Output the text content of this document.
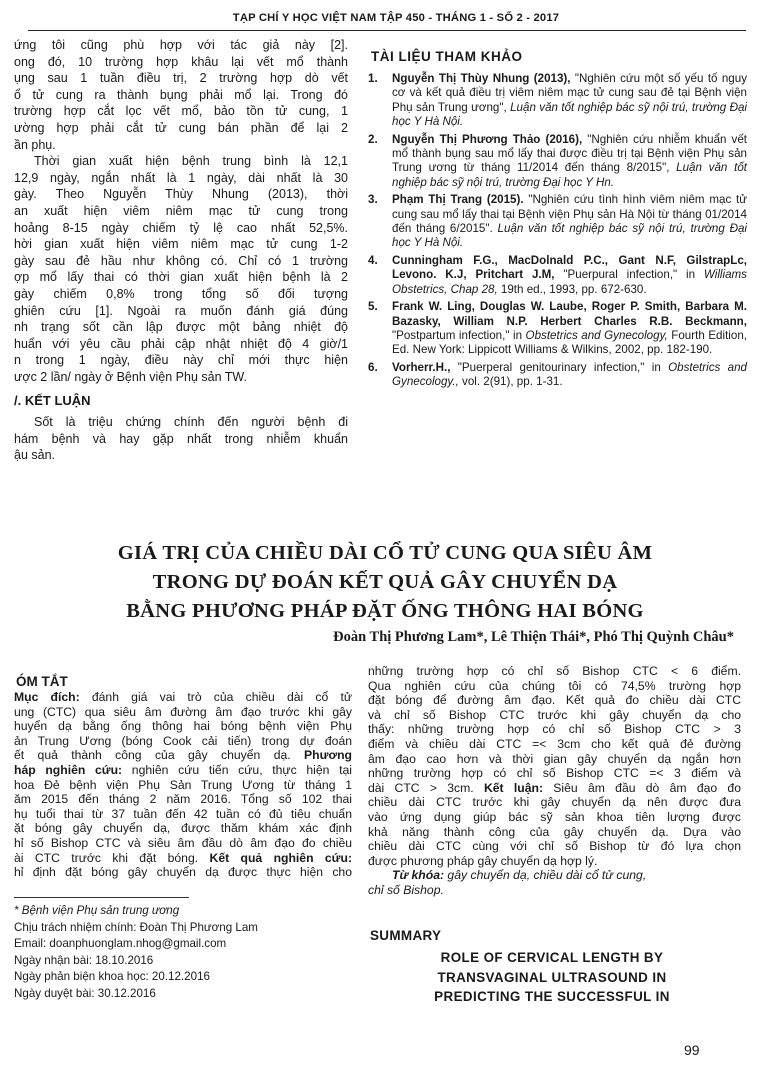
TẠP CHÍ Y HỌC VIỆT NAM TẬP 450 - THÁNG 1 - SỐ 2 - 2017
ứng tôi cũng phù hợp với tác giả này [2].
ong đó, 10 trường hợp khâu lại vết mổ thành
ụng sau 1 tuần điều trị, 2 trường hợp dò vết
ổ tử cung ra thành bụng phải mổ lại. Trong đó
trường hợp cắt lọc vết mổ, bảo tồn tử cung, 1
ường hợp phải cắt tử cung bán phần để lại 2
ần phụ.
Thời gian xuất hiện bệnh trung bình là 12,1
12,9 ngày, ngắn nhất là 1 ngày, dài nhất là 30
gày. Theo Nguyễn Thùy Nhung (2013), thời
an xuất hiện viêm niêm mạc tử cung trong
hoảng 8-15 ngày chiếm tỷ lệ cao nhất 52,5%.
hời gian xuất hiện viêm niêm mạc tử cung 1-2
gày sau đẻ hầu như không có. Chỉ có 1 trường
ợp mổ lấy thai có thời gian xuất hiện bệnh là 2
gày chiếm 0,8% trong tổng số đối tượng
ghiên cứu [1]. Ngoài ra muốn đánh giá đúng
nh trạng sốt cần lập được một bảng nhiệt độ
huẩn với yêu cầu phải cập nhật nhiệt độ 4 giờ/1
n trong 1 ngày, điều này chỉ mới thực hiện
ược 2 lần/ ngày ở Bệnh viện Phụ sản TW.
/. KẾT LUẬN
Sốt là triệu chứng chính đến người bệnh đi
hám bệnh và hay gặp nhất trong nhiễm khuẩn
ậu sản.
TÀI LIỆU THAM KHẢO
1. Nguyễn Thị Thùy Nhung (2013), "Nghiên cứu một số yếu tố nguy cơ và kết quả điều trị viêm niêm mạc tử cung sau đẻ tại Bệnh viện Phụ sản Trung ương", Luận văn tốt nghiệp bác sỹ nội trú, trường Đại học Y Hà Nội.
2. Nguyễn Thị Phương Thảo (2016), "Nghiên cứu nhiễm khuẩn vết mổ thành bụng sau mổ lấy thai được điều trị tại Bệnh viện Phụ sản Trung ương từ tháng 11/2014 đến tháng 8/2015", Luận văn tốt nghiệp bác sỹ nội trú, trường Đại học Y Hn.
3. Phạm Thị Trang (2015). "Nghiên cứu tình hình viêm niêm mạc tử cung sau mổ lấy thai tại Bệnh viện Phụ sản Hà Nội từ tháng 01/2014 đến tháng 6/2015". Luận văn tốt nghiệp bác sỹ nội trú, trường Đại học Y Hà Nội.
4. Cunningham F.G., MacDolnald P.C., Gant N.F, GilstrapLc, Levono. K.J, Pritchart J.M, "Puerpural infection," in Williams Obstetrics, Chap 28, 19th ed., 1993, pp. 672-630.
5. Frank W. Ling, Douglas W. Laube, Roger P. Smith, Barbara M. Bazasky, William N.P. Herbert Charles R.B. Beckmann, "Postpartum infection," in Obstetrics and Gynecology, Fourth Edition, Ed. New York: Lippicott Williams & Wilkins, 2002, pp. 182-190.
6. Vorherr.H., "Puerperal genitourinary infection," in Obstetrics and Gynecology., vol. 2(91), pp. 1-31.
GIÁ TRỊ CỦA CHIỀU DÀI CỔ TỬ CUNG QUA SIÊU ÂM
TRONG DỰ ĐOÁN KẾT QUẢ GÂY CHUYỂN DẠ
BẰNG PHƯƠNG PHÁP ĐẶT ỐNG THÔNG HAI BÓNG
Đoàn Thị Phương Lam*, Lê Thiện Thái*, Phó Thị Quỳnh Châu*
ÓM TẮT
Mục đích: đánh giá vai trò của chiều dài cổ tử
ung (CTC) qua siêu âm đường âm đạo trước khi gây
huyển dạ bằng ống thông hai bóng bệnh viện Phụ
ản Trung Ương (bóng Cook cải tiến) trong dự đoán
ết quả thành công của gây chuyển dạ. Phương
háp nghiên cứu: nghiên cứu tiến cứu, thực hiện tại
hoa Đẻ bệnh viện Phụ Sản Trung Ương từ tháng 1
ăm 2015 đến tháng 2 năm 2016. Tổng số 102 thai
hụ tuổi thai từ 37 tuần đến 42 tuần có đủ tiêu chuẩn
ặt bóng gây chuyển dạ, được thăm khám xác định
hỉ số Bishop CTC và siêu âm đầu dò âm đạo đo chiều
ài CTC trước khi đặt bóng. Kết quả nghiên cứu:
hỉ định đặt bóng gây chuyển dạ được thực hiện cho
những trường hợp có chỉ số Bishop CTC < 6 điểm.
Qua nghiên cứu của chúng tôi có 74,5% trường hợp
đặt bóng để đường âm đạo. Kết quả đo chiều dài CTC
và chỉ số Bishop CTC trước khi gây chuyển dạ cho
thấy: những trường hợp có chỉ số Bishop CTC > 3
điểm và chiều dài CTC =< 3cm cho kết quả đẻ đường
âm đạo cao hơn và thời gian gây chuyển dạ ngắn hơn
những trường hợp có chỉ số Bishop CTC =< 3 điểm và
dài CTC > 3cm. Kết luận: Siêu âm đầu dò âm đạo đo
chiều dài CTC trước khi gây chuyển dạ nên được đưa
vào ứng dụng giúp bác sỹ sản khoa tiên lượng được
khả năng thành công của gây chuyển dạ. Dựa vào
chiều dài CTC cùng với chỉ số Bishop từ đó lựa chọn
được phương pháp gây chuyển dạ hợp lý.
Từ khóa: gây chuyển dạ, chiều dài cổ tử cung,
chỉ số Bishop.
* Bệnh viện Phụ sản trung ương
Chịu trách nhiệm chính: Đoàn Thị Phương Lam
Email: doanphuonglam.nhog@gmail.com
Ngày nhận bài: 18.10.2016
Ngày phản biện khoa học: 20.12.2016
Ngày duyệt bài: 30.12.2016
SUMMARY
ROLE OF CERVICAL LENGTH BY
TRANSVAGINAL ULTRASOUND IN
PREDICTING THE SUCCESSFUL IN
99
